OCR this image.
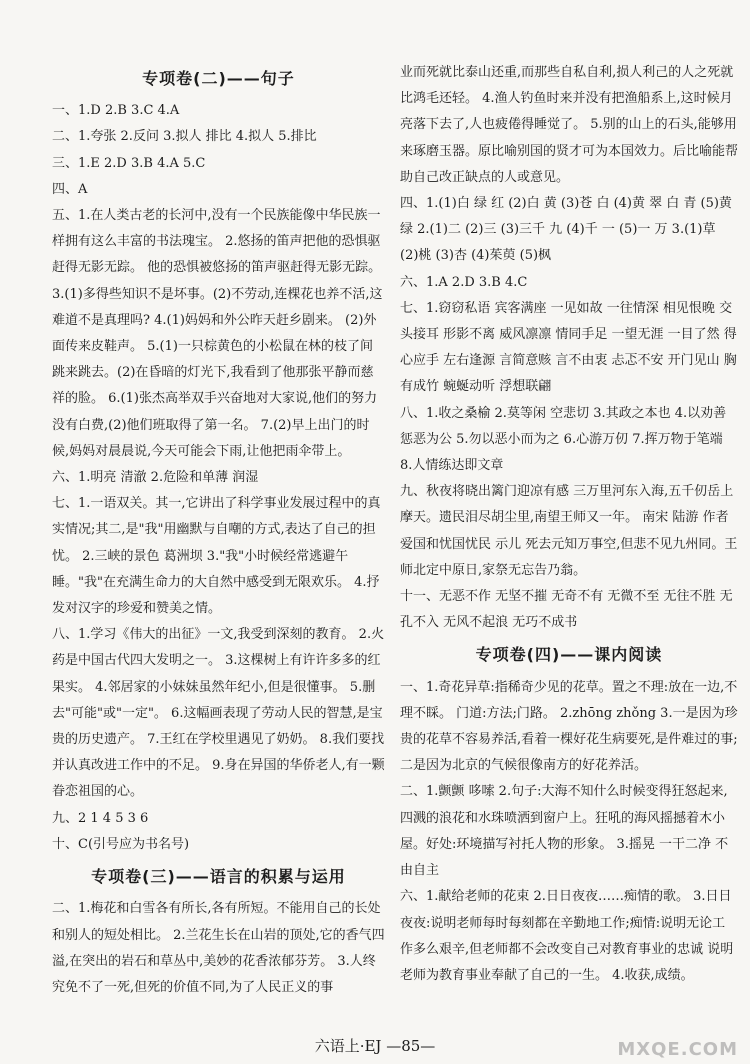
专项卷(二)——句子
一、1.D 2.B 3.C 4.A
二、1.夸张 2.反问 3.拟人 排比 4.拟人 5.排比
三、1.E 2.D 3.B 4.A 5.C
四、A
五、1.在人类古老的长河中,没有一个民族能像中华民族一样拥有这么丰富的书法瑰宝。 2.悠扬的笛声把他的恐惧驱赶得无影无踪。 他的恐惧被悠扬的笛声驱赶得无影无踪。 3.(1)多得些知识不是坏事。(2)不劳动,连棵花也养不活,这难道不是真理吗? 4.(1)妈妈和外公昨天赶乡剧来。 (2)外面传来皮鞋声。 5.(1)一只棕黄色的小松鼠在林的枝了间跳来跳去。(2)在昏暗的灯光下,我看到了他那张平静而慈祥的脸。 6.(1)张杰高举双手兴奋地对大家说,他们的努力没有白费,(2)他们班取得了第一名。 7.(2)早上出门的时候,妈妈对晨晨说,今天可能会下雨,让他把雨伞带上。
六、1.明亮 清澈 2.危险和单薄 润湿
七、1.一语双关。其一,它讲出了科学事业发展过程中的真实情况;其二,是"我"用幽默与自嘲的方式,表达了自己的担忧。 2.三峡的景色 葛洲坝 3."我"小时候经常逃避午睡。"我"在充满生命力的大自然中感受到无限欢乐。 4.抒发对汉字的珍爱和赞美之情。
八、1.学习《伟大的出征》一文,我受到深刻的教育。 2.火药是中国古代四大发明之一。 3.这棵树上有许许多多的红果实。 4.邻居家的小妹妹虽然年纪小,但是很懂事。 5.删去"可能"或"一定"。 6.这幅画表现了劳动人民的智慧,是宝贵的历史遗产。 7.王红在学校里遇见了奶奶。 8.我们要找并认真改进工作中的不足。 9.身在异国的华侨老人,有一颗眷恋祖国的心。
九、2 1 4 5 3 6
十、C(引号应为书名号)
专项卷(三)——语言的积累与运用
二、1.梅花和白雪各有所长,各有所短。不能用自己的长处和别人的短处相比。 2.兰花生长在山岩的顶处,它的香气四溢,在突出的岩石和草丛中,美妙的花香浓郁芬芳。 3.人终究免不了一死,但死的价值不同,为了人民正义的事
业而死就比泰山还重,而那些自私自利,损人利己的人之死就比鸿毛还轻。 4.渔人钓鱼时来并没有把渔船系上,这时候月亮落下去了,人也疲倦得睡觉了。 5.别的山上的石头,能够用来琢磨玉器。原比喻别国的贤才可为本国效力。后比喻能帮助自己改正缺点的人或意见。
四、1.(1)白 绿 红 (2)白 黄 (3)苍 白 (4)黄 翠 白 青 (5)黄 绿 2.(1)二 (2)三 (3)三千 九 (4)千 一 (5)一 万 3.(1)草 (2)桃 (3)杏 (4)茱萸 (5)枫
六、1.A 2.D 3.B 4.C
七、1.窃窃私语 宾客满座 一见如故 一往情深 相见恨晚 交头接耳 形影不离 威风凛凛 情同手足 一望无涯 一目了然 得心应手 左右逢源 言简意赅 言不由衷 忐忑不安 开门见山 胸有成竹 蜿蜒动听 浮想联翩
八、1.收之桑榆 2.莫等闲 空悲切 3.其政之本也 4.以劝善惩恶为公 5.勿以恶小而为之 6.心游万仞 7.挥万物于笔端 8.人情练达即文章
九、秋夜将晓出篱门迎凉有感 三万里河东入海,五千仞岳上摩天。遗民泪尽胡尘里,南望王师又一年。 南宋 陆游 作者爱国和忧国忧民 示儿 死去元知万事空,但悲不见九州同。王师北定中原日,家祭无忘告乃翁。
十一、无恶不作 无坚不摧 无奇不有 无微不至 无往不胜 无孔不入 无风不起浪 无巧不成书
专项卷(四)——课内阅读
一、1.奇花异草:指稀奇少见的花草。置之不理:放在一边,不理不睬。 门道:方法;门路。 2.zhōng zhǒng 3.一是因为珍贵的花草不容易养活,看着一棵好花生病要死,是件难过的事;二是因为北京的气候很像南方的好花养活。
二、1.颤颤 哆嗦 2.句子:大海不知什么时候变得狂怒起来,四溅的浪花和水珠喷洒到窗户上。狂吼的海风摇撼着木小屋。好处:环境描写衬托人物的形象。 3.摇晃 一干二净 不由自主
六、1.献给老师的花束 2.日日夜夜……痴情的歌。 3.日日夜夜:说明老师每时每刻都在辛勤地工作;痴情:说明无论工作多么艰辛,但老师都不会改变自己对教育事业的忠诚 说明老师为教育事业奉献了自己的一生。 4.收获,成绩。
六语上·EJ —85—	MXQE.COM
